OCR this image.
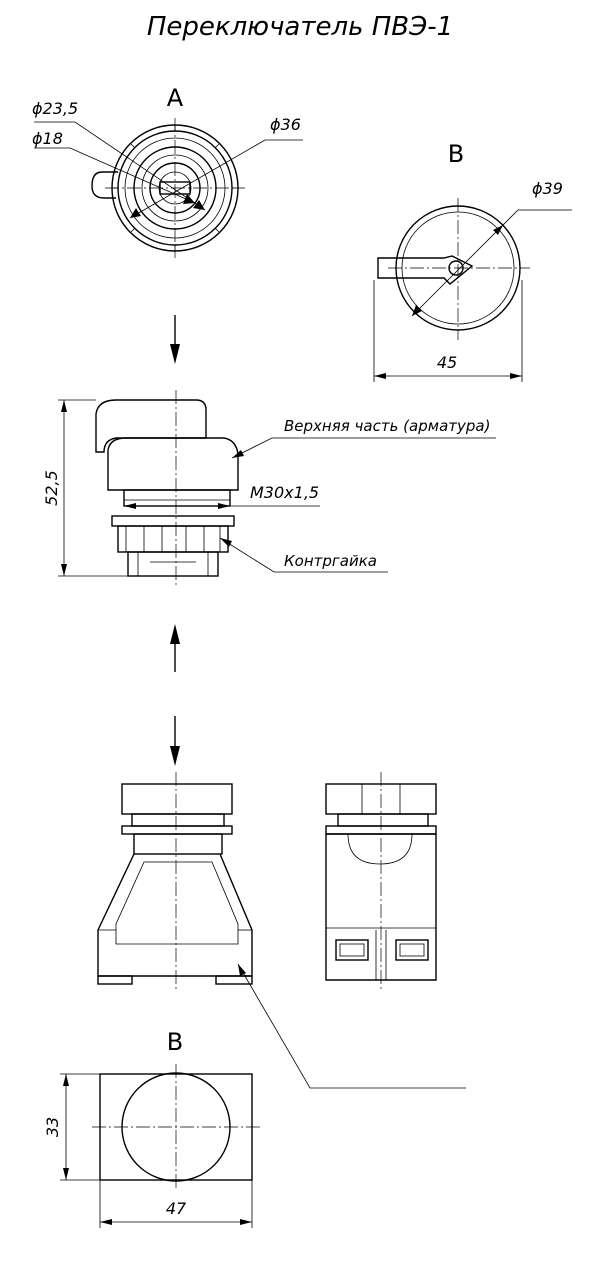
Переключатель ПВЭ-1
А
ϕ23,5
ϕ18
ϕ36
В
ϕ39
45
52,5	М30х1,5
Верхняя часть (арматура)
Контргайка
В
33
47
